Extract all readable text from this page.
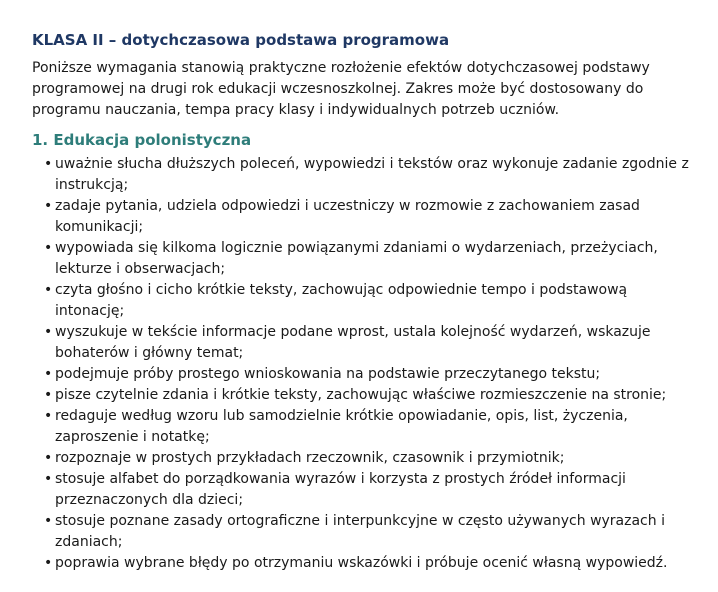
KLASA II – dotychczasowa podstawa programowa

Poniższe wymagania stanowią praktyczne rozłożenie efektów dotychczasowej podstawy programowej na drugi rok edukacji wczesnoszkolnej. Zakres może być dostosowany do programu nauczania, tempa pracy klasy i indywidualnych potrzeb uczniów.

1. Edukacja polonistyczna
• uważnie słucha dłuższych poleceń, wypowiedzi i tekstów oraz wykonuje zadanie zgodnie z instrukcją;
• zadaje pytania, udziela odpowiedzi i uczestniczy w rozmowie z zachowaniem zasad komunikacji;
• wypowiada się kilkoma logicznie powiązanymi zdaniami o wydarzeniach, przeżyciach, lekturze i obserwacjach;
• czyta głośno i cicho krótkie teksty, zachowując odpowiednie tempo i podstawową intonację;
• wyszukuje w tekście informacje podane wprost, ustala kolejność wydarzeń, wskazuje bohaterów i główny temat;
• podejmuje próby prostego wnioskowania na podstawie przeczytanego tekstu;
• pisze czytelnie zdania i krótkie teksty, zachowując właściwe rozmieszczenie na stronie;
• redaguje według wzoru lub samodzielnie krótkie opowiadanie, opis, list, życzenia, zaproszenie i notatkę;
• rozpoznaje w prostych przykładach rzeczownik, czasownik i przymiotnik;
• stosuje alfabet do porządkowania wyrazów i korzysta z prostych źródeł informacji przeznaczonych dla dzieci;
• stosuje poznane zasady ortograficzne i interpunkcyjne w często używanych wyrazach i zdaniach;
• poprawia wybrane błędy po otrzymaniu wskazówki i próbuje ocenić własną wypowiedź.
